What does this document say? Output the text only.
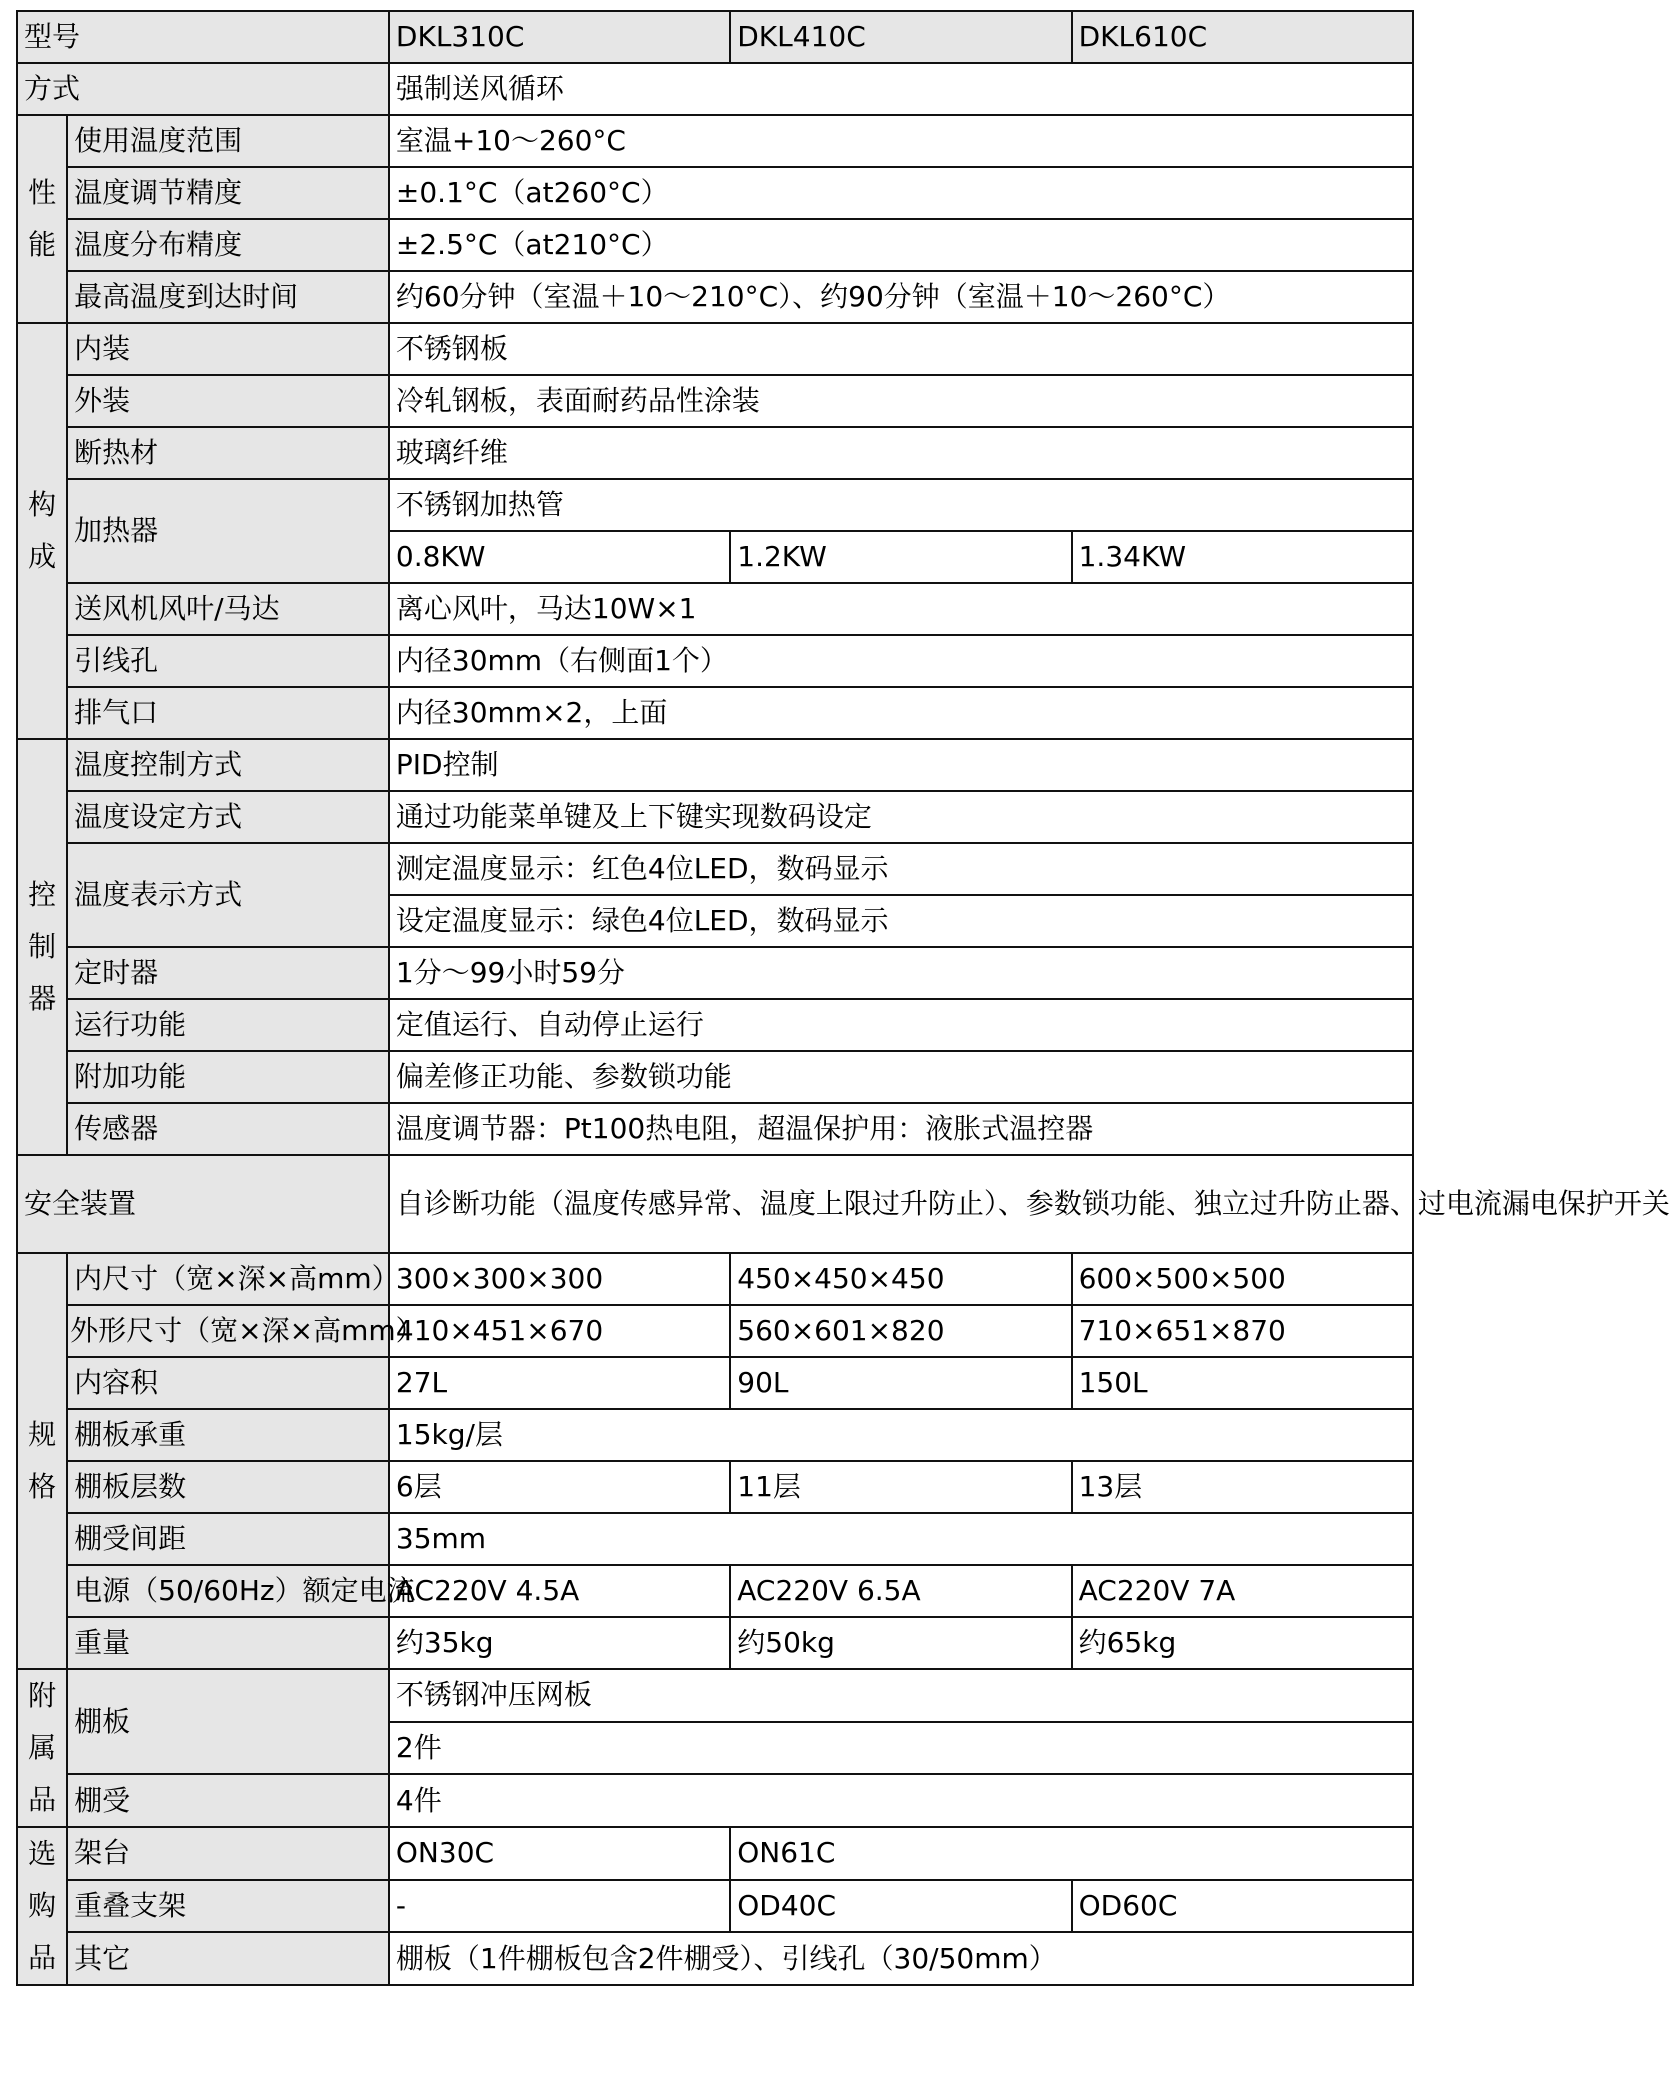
型号		DKL310C	DKL410C	DKL610C
方式		强制送风循环		
性能	使用温度范围	室温+10～260°C		
	温度调节精度	±0.1°C（at260°C）		
	温度分布精度	±2.5°C（at210°C）		
	最高温度到达时间	约60分钟（室温＋10～210°C）、约90分钟（室温＋10～260°C）		
构成	内装	不锈钢板		
	外装	冷轧钢板，表面耐药品性涂装		
	断热材	玻璃纤维		
	加热器	不锈钢加热管		
		0.8KW	1.2KW	1.34KW
	送风机风叶/马达	离心风叶，马达10W×1		
	引线孔	内径30mm（右侧面1个）		
	排气口	内径30mm×2，上面		
控制器	温度控制方式	PID控制		
	温度设定方式	通过功能菜单键及上下键实现数码设定		
	温度表示方式	测定温度显示：红色4位LED，数码显示		
		设定温度显示：绿色4位LED，数码显示		
	定时器	1分～99小时59分		
	运行功能	定值运行、自动停止运行		
	附加功能	偏差修正功能、参数锁功能		
	传感器	温度调节器：Pt100热电阻，超温保护用：液胀式温控器		
安全装置		自诊断功能（温度传感异常、温度上限过升防止）、参数锁功能、独立过升防止器、过电流漏电保护开关		
规格	内尺寸（宽×深×高mm）	300×300×300	450×450×450	600×500×500
	外形尺寸（宽×深×高mm）	410×451×670	560×601×820	710×651×870
	内容积	27L	90L	150L
	棚板承重	15kg/层		
	棚板层数	6层	11层	13层
	棚受间距	35mm		
	电源（50/60Hz）额定电流	AC220V 4.5A	AC220V 6.5A	AC220V 7A
	重量	约35kg	约50kg	约65kg
附属品	棚板	不锈钢冲压网板		
		2件		
	棚受	4件		
选购品	架台	ON30C	ON61C	
	重叠支架	-	OD40C	OD60C
	其它	棚板（1件棚板包含2件棚受）、引线孔（30/50mm）		
